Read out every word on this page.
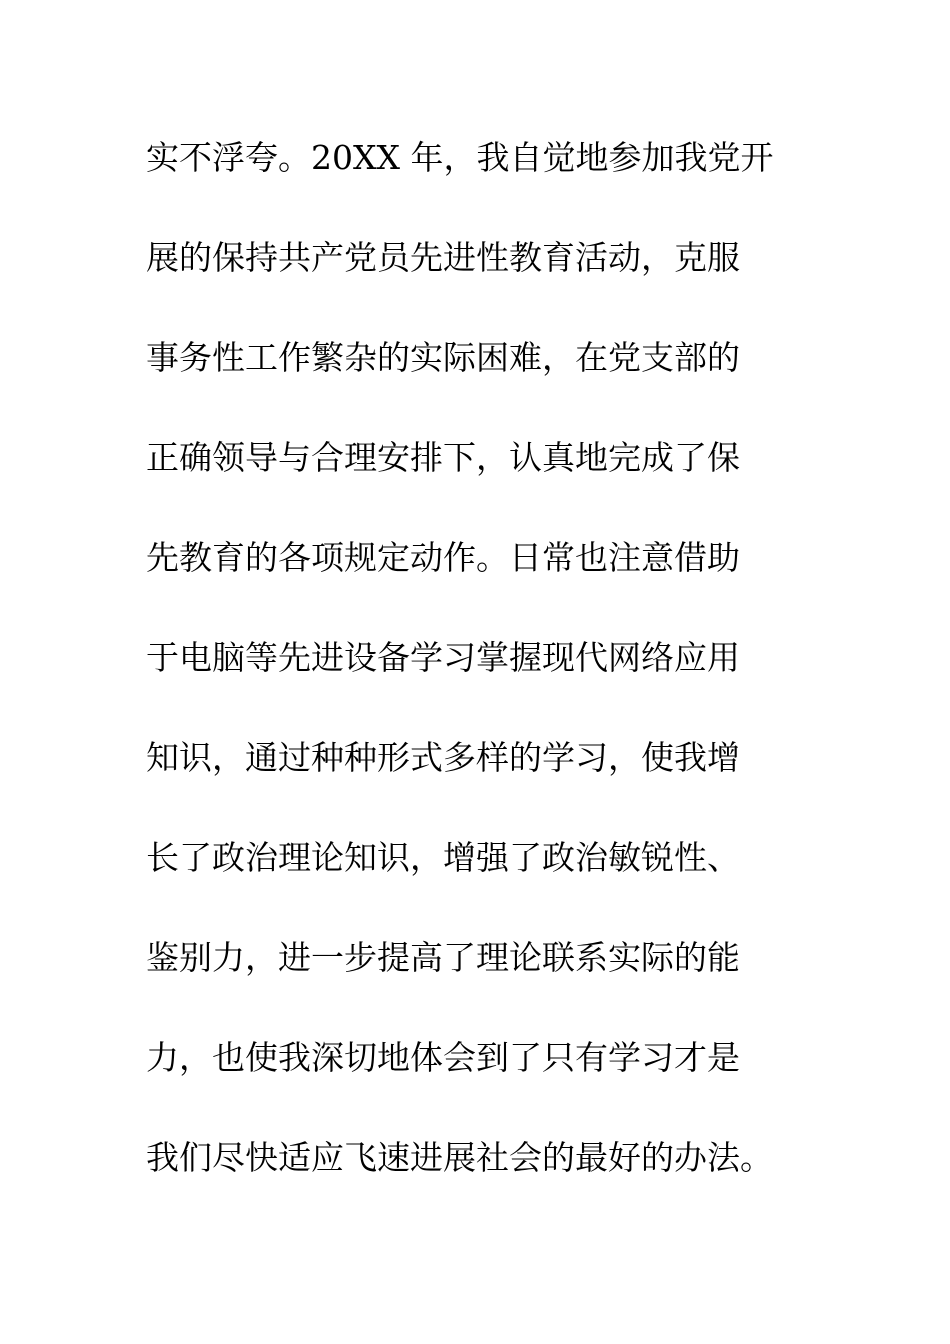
实不浮夸。20XX 年，我自觉地参加我党开
展的保持共产党员先进性教育活动，克服
事务性工作繁杂的实际困难，在党支部的
正确领导与合理安排下，认真地完成了保
先教育的各项规定动作。日常也注意借助
于电脑等先进设备学习掌握现代网络应用
知识，通过种种形式多样的学习，使我增
长了政治理论知识，增强了政治敏锐性、
鉴别力，进一步提高了理论联系实际的能
力，也使我深切地体会到了只有学习才是
我们尽快适应飞速进展社会的最好的办法。
